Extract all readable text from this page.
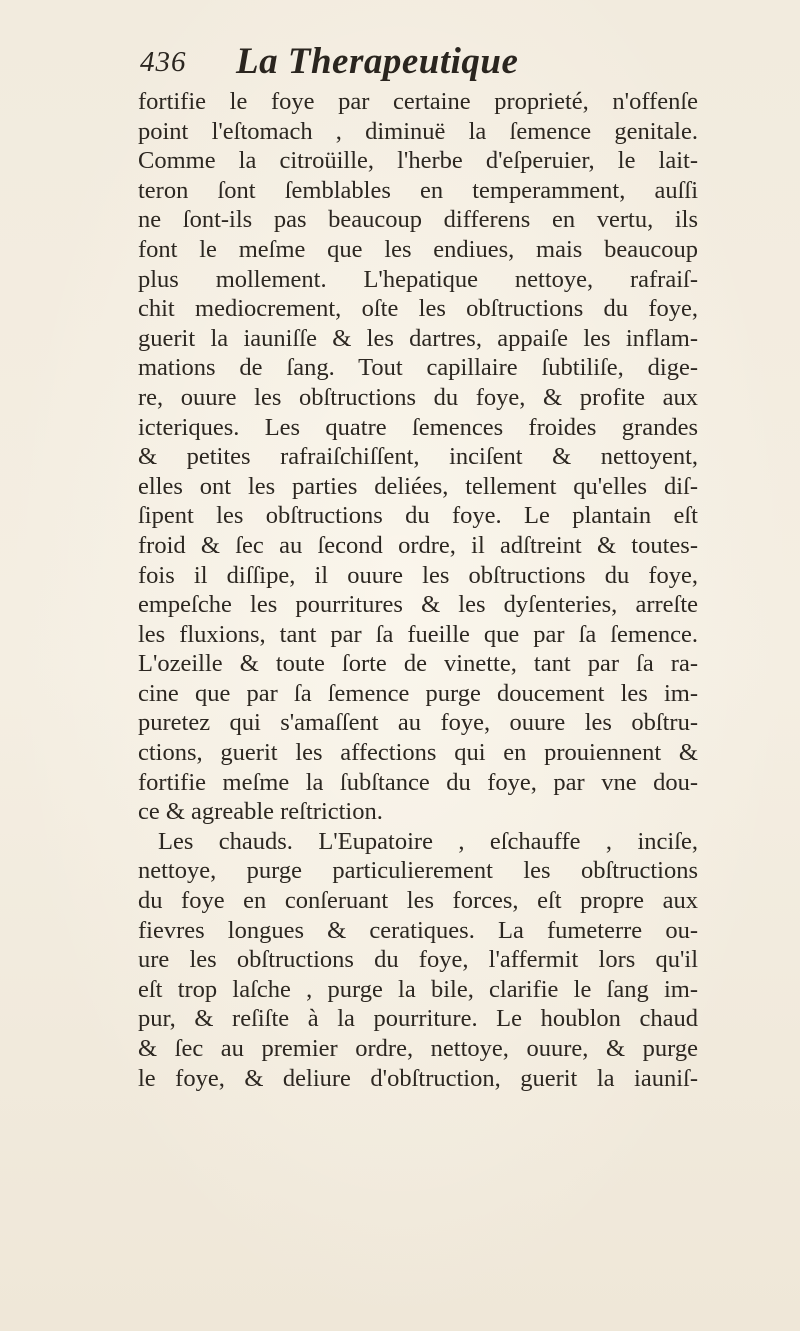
436 La Therapeutique
fortifie le foye par certaine proprieté, n'offenſe
point l'eſtomach , diminuë la ſemence genitale.
Comme la citroüille, l'herbe d'eſperuier, le lait-
teron ſont ſemblables en temperamment, auſſi
ne ſont-ils pas beaucoup differens en vertu, ils
font le meſme que les endiues, mais beaucoup
plus mollement. L'hepatique nettoye, rafraiſ-
chit mediocrement, oſte les obſtructions du foye,
guerit la iauniſſe & les dartres, appaiſe les inflam-
mations de ſang. Tout capillaire ſubtiliſe, dige-
re, ouure les obſtructions du foye, & profite aux
icteriques. Les quatre ſemences froides grandes
& petites rafraiſchiſſent, inciſent & nettoyent,
elles ont les parties deliées, tellement qu'elles diſ-
ſipent les obſtructions du foye. Le plantain eſt
froid & ſec au ſecond ordre, il adſtreint & toutes-
fois il diſſipe, il ouure les obſtructions du foye,
empeſche les pourritures & les dyſenteries, arreſte
les fluxions, tant par ſa fueille que par ſa ſemence.
L'ozeille & toute ſorte de vinette, tant par ſa ra-
cine que par ſa ſemence purge doucement les im-
puretez qui s'amaſſent au foye, ouure les obſtru-
ctions, guerit les affections qui en prouiennent &
fortifie meſme la ſubſtance du foye, par vne dou-
ce & agreable reſtriction.
Les chauds. L'Eupatoire , eſchauffe , inciſe,
nettoye, purge particulierement les obſtructions
du foye en conſeruant les forces, eſt propre aux
fievres longues & ceratiques. La fumeterre ou-
ure les obſtructions du foye, l'affermit lors qu'il
eſt trop laſche , purge la bile, clarifie le ſang im-
pur, & reſiſte à la pourriture. Le houblon chaud
& ſec au premier ordre, nettoye, ouure, & purge
le foye, & deliure d'obſtruction, guerit la iauniſ-
